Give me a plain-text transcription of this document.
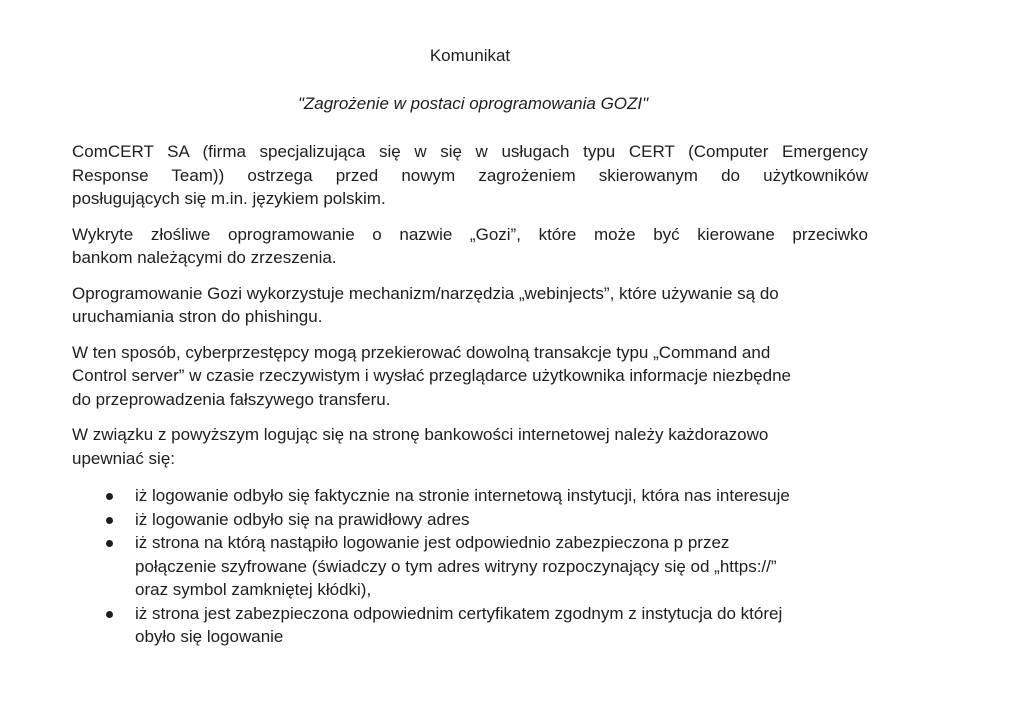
Komunikat

"Zagrożenie w postaci oprogramowania GOZI"

ComCERT SA (firma specjalizująca się w się w usługach typu CERT (Computer Emergency
Response Team)) ostrzega przed nowym zagrożeniem skierowanym do użytkowników
posługujących się m.in. językiem polskim.

Wykryte złośliwe oprogramowanie o nazwie „Gozi”, które może być kierowane przeciwko
bankom należącymi do zrzeszenia.

Oprogramowanie Gozi wykorzystuje mechanizm/narzędzia „webinjects”, które używanie są do
uruchamiania stron do phishingu.

W ten sposób, cyberprzestępcy mogą przekierować dowolną transakcje typu „Command and
Control server” w czasie rzeczywistym i wysłać przeglądarce użytkownika informacje niezbędne
do przeprowadzenia fałszywego transferu.

W związku z powyższym logując się na stronę bankowości internetowej należy każdorazowo
upewniać się:

iż logowanie odbyło się faktycznie na stronie internetową instytucji, która nas interesuje
iż logowanie odbyło się na prawidłowy adres
iż strona na którą nastąpiło logowanie jest odpowiednio zabezpieczona p przez
połączenie szyfrowane (świadczy o tym adres witryny rozpoczynający się od „https://”
oraz symbol zamkniętej kłódki),
iż strona jest zabezpieczona odpowiednim certyfikatem zgodnym z instytucja do której
obyło się logowanie
